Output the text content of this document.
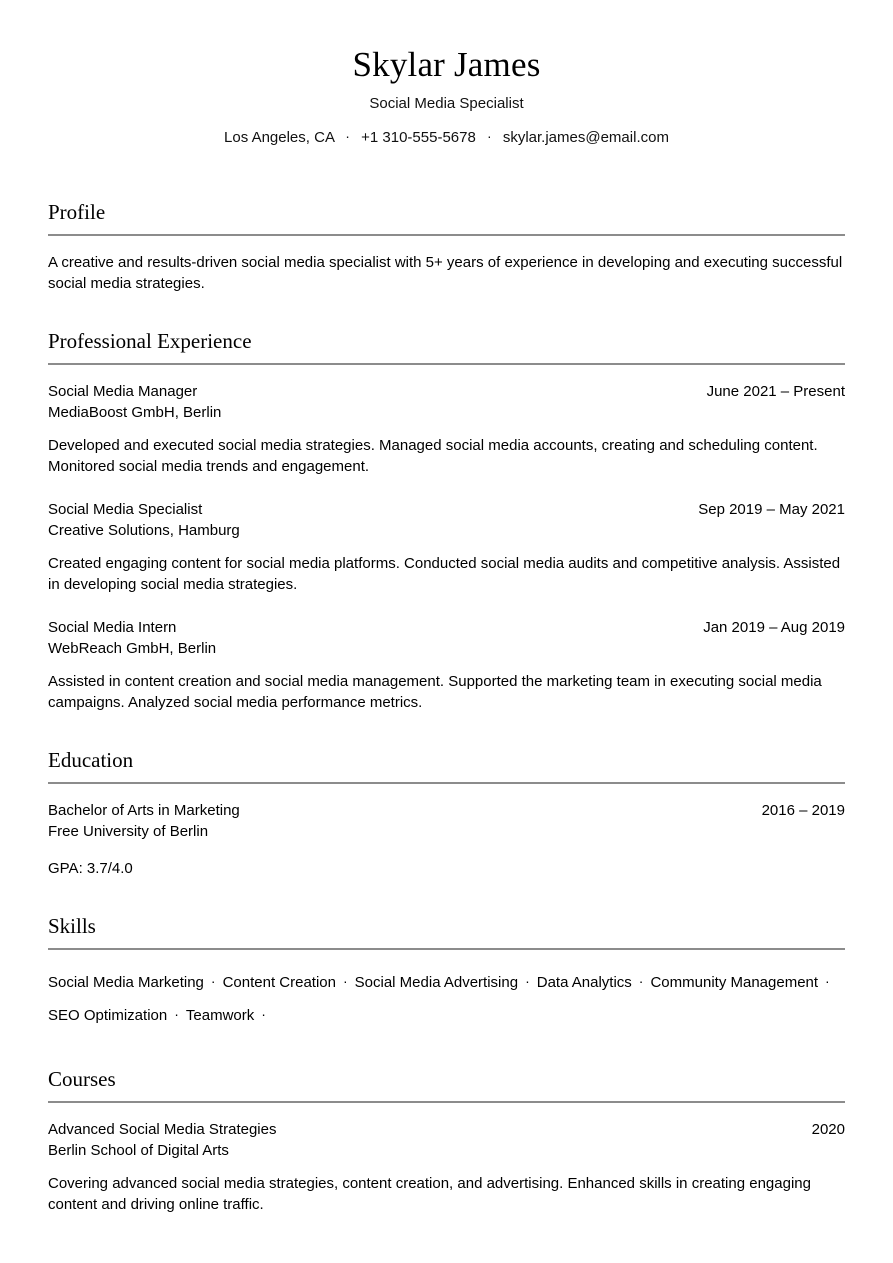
Skylar James
Social Media Specialist
Los Angeles, CA · +1 310-555-5678 · skylar.james@email.com
Profile

A creative and results-driven social media specialist with 5+ years of experience in developing and executing successful social media strategies.

Professional Experience
Social Media Manager	June 2021 – Present
MediaBoost GmbH, Berlin
Developed and executed social media strategies. Managed social media accounts, creating and scheduling content. Monitored social media trends and engagement.
Social Media Specialist	Sep 2019 – May 2021
Creative Solutions, Hamburg
Created engaging content for social media platforms. Conducted social media audits and competitive analysis. Assisted in developing social media strategies.
Social Media Intern	Jan 2019 – Aug 2019
WebReach GmbH, Berlin
Assisted in content creation and social media management. Supported the marketing team in executing social media campaigns. Analyzed social media performance metrics.
Education
Bachelor of Arts in Marketing	2016 – 2019
Free University of Berlin
GPA: 3.7/4.0
Skills
Social Media Marketing · Content Creation · Social Media Advertising · Data Analytics · Community Management ·SEO Optimization · Teamwork ·
Courses
Advanced Social Media Strategies	2020
Berlin School of Digital Arts
Covering advanced social media strategies, content creation, and advertising. Enhanced skills in creating engaging content and driving online traffic.
